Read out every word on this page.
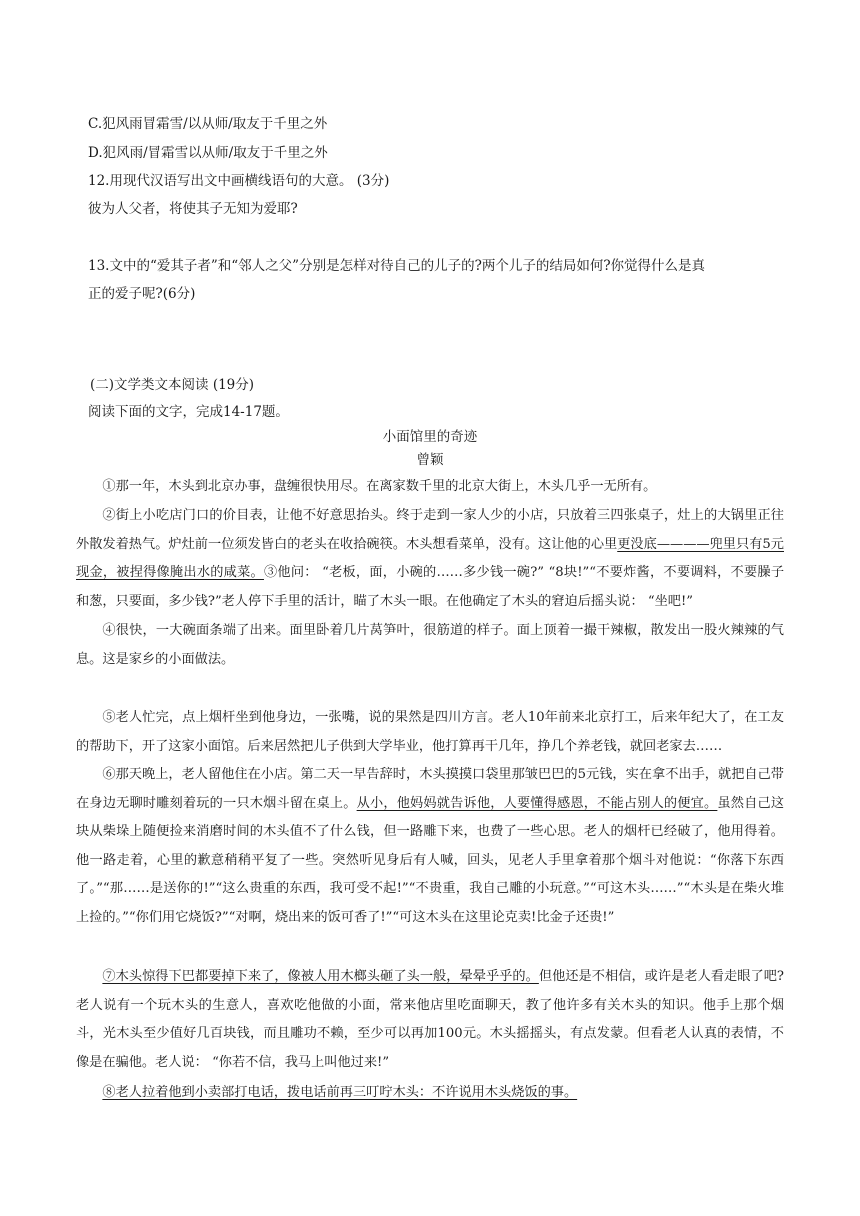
C.犯风雨冒霜雪/以从师/取友于千里之外
D.犯风雨/冒霜雪以从师/取友于千里之外
12.用现代汉语写出文中画横线语句的大意。 (3分)
彼为人父者，将使其子无知为爱耶?
13.文中的“爱其子者”和“邻人之父”分别是怎样对待自己的儿子的?两个儿子的结局如何?你觉得什么是真
正的爱子呢?(6分)
(二)文学类文本阅读 (19分)
阅读下面的文字，完成14-17题。
小面馆里的奇迹
曾颖
①那一年，木头到北京办事，盘缠很快用尽。在离家数千里的北京大街上，木头几乎一无所有。
②街上小吃店门口的价目表，让他不好意思抬头。终于走到一家人少的小店，只放着三四张桌子，灶上的大锅里正往外散发着热气。炉灶前一位须发皆白的老头在收拾碗筷。木头想看菜单，没有。这让他的心里更没底————兜里只有5元现金，被捏得像腌出水的咸菜。③他问： “老板，面，小碗的……多少钱一碗?” “8块!”“不要炸酱，不要调料，不要臊子和葱，只要面，多少钱?”老人停下手里的活计，瞄了木头一眼。在他确定了木头的窘迫后摇头说： “坐吧!”
④很快，一大碗面条端了出来。面里卧着几片莴笋叶，很筋道的样子。面上顶着一撮干辣椒，散发出一股火辣辣的气息。这是家乡的小面做法。
⑤老人忙完，点上烟杆坐到他身边，一张嘴，说的果然是四川方言。老人10年前来北京打工，后来年纪大了，在工友的帮助下，开了这家小面馆。后来居然把儿子供到大学毕业，他打算再干几年，挣几个养老钱，就回老家去……
⑥那天晚上，老人留他住在小店。第二天一早告辞时，木头摸摸口袋里那皱巴巴的5元钱，实在拿不出手，就把自己带在身边无聊时雕刻着玩的一只木烟斗留在桌上。从小，他妈妈就告诉他，人要懂得感恩，不能占别人的便宜。虽然自己这块从柴垛上随便捡来消磨时间的木头值不了什么钱，但一路雕下来，也费了一些心思。老人的烟杆已经破了，他用得着。他一路走着，心里的歉意稍稍平复了一些。突然听见身后有人喊，回头，见老人手里拿着那个烟斗对他说：“你落下东西了。”“那……是送你的!”“这么贵重的东西，我可受不起!”“不贵重，我自己雕的小玩意。”“可这木头……”“木头是在柴火堆上捡的。”“你们用它烧饭?”“对啊，烧出来的饭可香了!”“可这木头在这里论克卖!比金子还贵!”
⑦木头惊得下巴都要掉下来了，像被人用木榔头砸了头一般，晕晕乎乎的。但他还是不相信，或许是老人看走眼了吧?老人说有一个玩木头的生意人，喜欢吃他做的小面，常来他店里吃面聊天，教了他许多有关木头的知识。他手上那个烟斗，光木头至少值好几百块钱，而且雕功不赖，至少可以再加100元。木头摇摇头，有点发蒙。但看老人认真的表情，不像是在骗他。老人说： “你若不信，我马上叫他过来!”
⑧老人拉着他到小卖部打电话，拨电话前再三叮咛木头：不许说用木头烧饭的事。
